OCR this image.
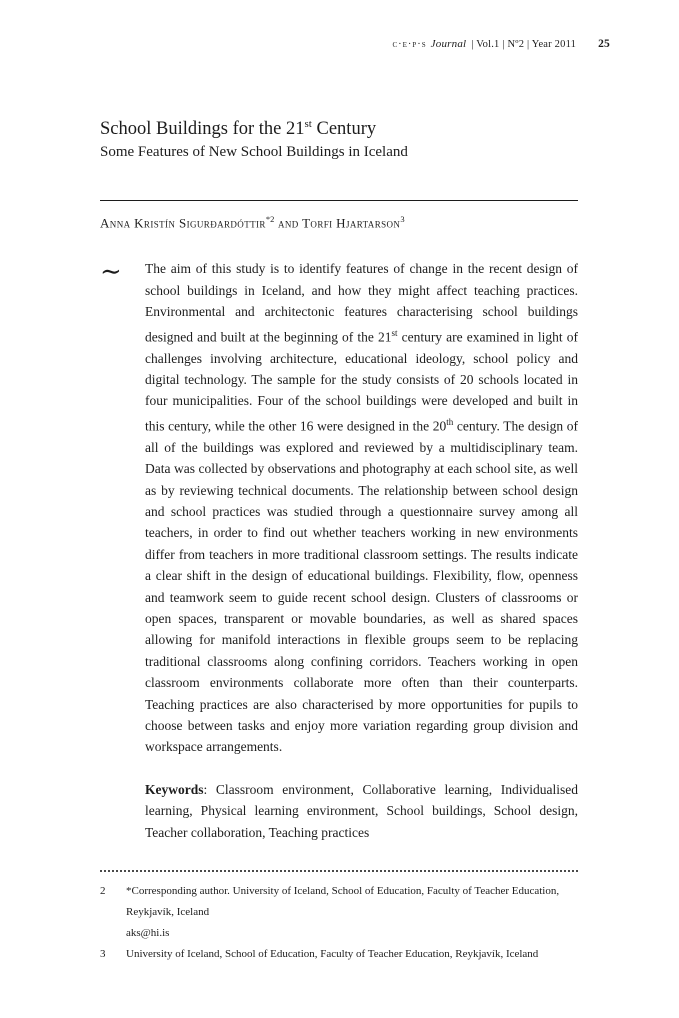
c·e·p·s Journal | Vol.1 | Nº2 | Year 2011 25
School Buildings for the 21st Century
Some Features of New School Buildings in Iceland
Anna Kristín Sigurðardóttir$^{*2}$ and Torfi Hjartarson$^3$
∼	The aim of this study is to identify features of change in the recent design of school buildings in Iceland, and how they might affect teaching practices. Environmental and architectonic features characterising school buildings designed and built at the beginning of the 21st century are examined in light of challenges involving architecture, educational ideology, school policy and digital technology. The sample for the study consists of 20 schools located in four municipalities. Four of the school buildings were developed and built in this century, while the other 16 were designed in the 20th century. The design of all of the buildings was explored and reviewed by a multidisciplinary team. Data was collected by observations and photography at each school site, as well as by reviewing technical documents. The relationship between school design and school practices was studied through a questionnaire survey among all teachers, in order to find out whether teachers working in new environments differ from teachers in more traditional classroom settings. The results indicate a clear shift in the design of educational buildings. Flexibility, flow, openness and teamwork seem to guide recent school design. Clusters of classrooms or open spaces, transparent or movable boundaries, as well as shared spaces allowing for manifold interactions in flexible groups seem to be replacing traditional classrooms along confining corridors. Teachers working in open classroom environments collaborate more often than their counterparts. Teaching practices are also characterised by more opportunities for pupils to choose between tasks and enjoy more variation regarding group division and workspace arrangements.

Keywords: Classroom environment, Collaborative learning, Individualised learning, Physical learning environment, School buildings, School design, Teacher collaboration, Teaching practices

2	*Corresponding author. University of Iceland, School of Education, Faculty of Teacher Education, Reykjavík, Iceland
aks@hi.is
3	University of Iceland, School of Education, Faculty of Teacher Education, Reykjavík, Iceland
